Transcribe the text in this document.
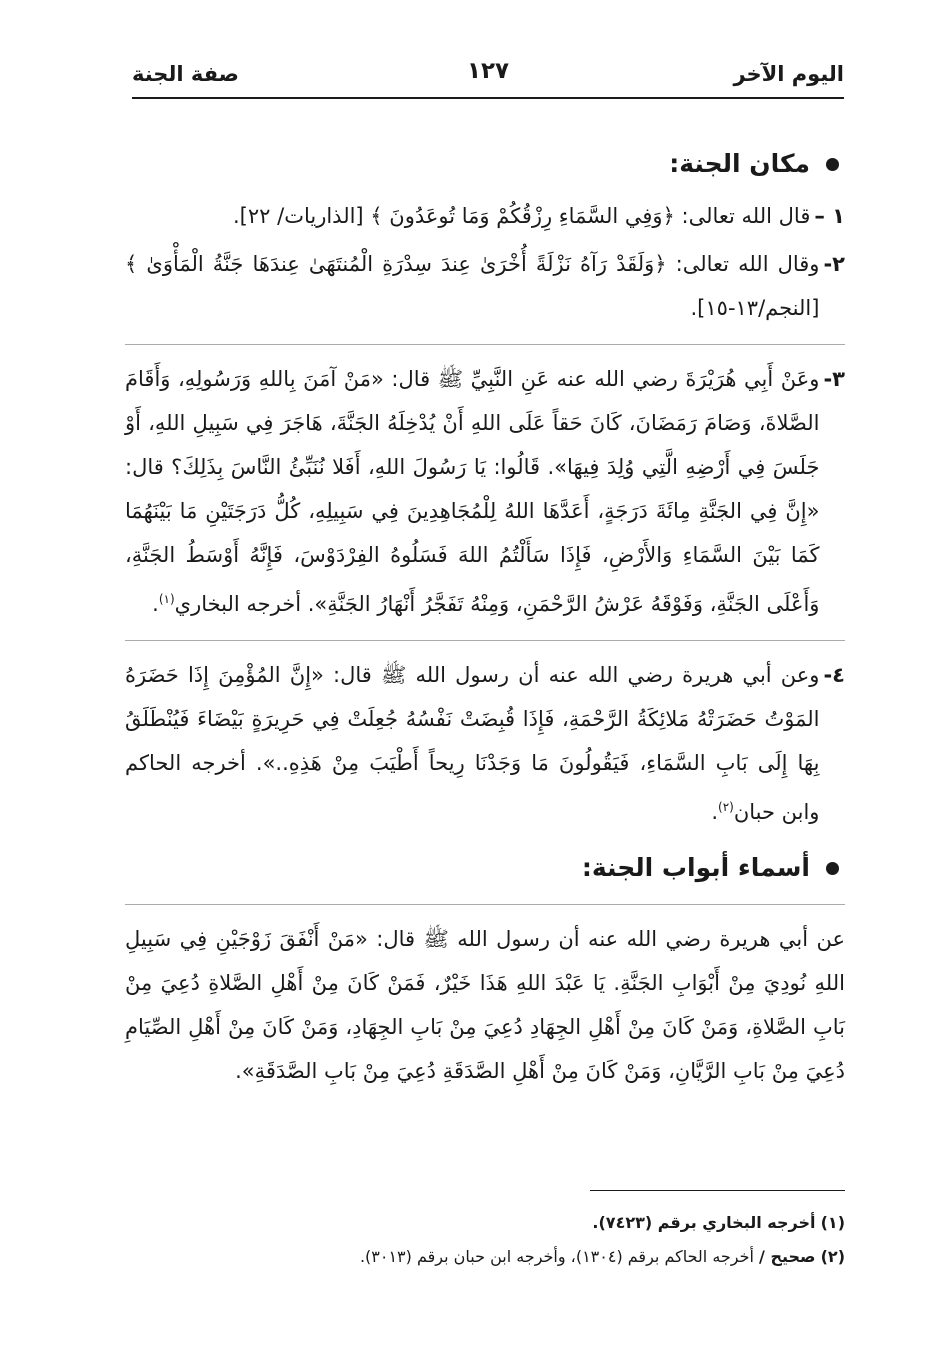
اليوم الآخر
١٢٧
صفة الجنة
مكان الجنة:
١ –
قال الله تعالى: ﴿وَفِي السَّمَاءِ رِزْقُكُمْ وَمَا تُوعَدُونَ ﴾ [الذاريات/ ٢٢].
٢-
وقال الله تعالى: ﴿وَلَقَدْ رَآهُ نَزْلَةً أُخْرَىٰ عِندَ سِدْرَةِ الْمُنتَهَىٰ عِندَهَا جَنَّةُ الْمَأْوَىٰ ﴾ [النجم/١٣-١٥].
٣-
وعَنْ أَبِي هُرَيْرَةَ رضي الله عنه عَنِ النَّبِيِّ ﷺ قال: «مَنْ آمَنَ بِاللهِ وَرَسُولِهِ، وَأَقَامَ الصَّلاةَ، وَصَامَ رَمَضَانَ، كَانَ حَقاً عَلَى اللهِ أَنْ يُدْخِلَهُ الجَنَّةَ، هَاجَرَ فِي سَبِيلِ اللهِ، أَوْ جَلَسَ فِي أَرْضِهِ الَّتِي وُلِدَ فِيهَا». قَالُوا: يَا رَسُولَ اللهِ، أَفَلا نُنَبِّئُ النَّاسَ بِذَلِكَ؟ قال: «إِنَّ فِي الجَنَّةِ مِائَةَ دَرَجَةٍ، أَعَدَّهَا اللهُ لِلْمُجَاهِدِينَ فِي سَبِيلِهِ، كُلُّ دَرَجَتَيْنِ مَا بَيْنَهُمَا كَمَا بَيْنَ السَّمَاءِ وَالأَرْضِ، فَإِذَا سَأَلْتُمُ اللهَ فَسَلُوهُ الفِرْدَوْسَ، فَإِنَّهُ أَوْسَطُ الجَنَّةِ، وَأَعْلَى الجَنَّةِ، وَفَوْقَهُ عَرْشُ الرَّحْمَنِ، وَمِنْهُ تَفَجَّرُ أَنْهَارُ الجَنَّةِ». أخرجه البخاري$^{(١)}$.
٤-
وعن أبي هريرة رضي الله عنه أن رسول الله ﷺ قال: «إِنَّ المُؤْمِنَ إِذَا حَضَرَهُ المَوْتُ حَضَرَتْهُ مَلائِكَةُ الرَّحْمَةِ، فَإِذَا قُبِضَتْ نَفْسُهُ جُعِلَتْ فِي حَرِيرَةٍ بَيْضَاءَ فَيُنْطَلَقُ بِهَا إِلَى بَابِ السَّمَاءِ، فَيَقُولُونَ مَا وَجَدْنَا رِيحاً أَطْيَبَ مِنْ هَذِهِ..». أخرجه الحاكم وابن حبان$^{(٢)}$.
أسماء أبواب الجنة:
عن أبي هريرة رضي الله عنه أن رسول الله ﷺ قال: «مَنْ أَنْفَقَ زَوْجَيْنِ فِي سَبِيلِ اللهِ نُودِيَ مِنْ أَبْوَابِ الجَنَّةِ. يَا عَبْدَ اللهِ هَذَا خَيْرٌ، فَمَنْ كَانَ مِنْ أَهْلِ الصَّلاةِ دُعِيَ مِنْ بَابِ الصَّلاةِ، وَمَنْ كَانَ مِنْ أَهْلِ الجِهَادِ دُعِيَ مِنْ بَابِ الجِهَادِ، وَمَنْ كَانَ مِنْ أَهْلِ الصِّيَامِ دُعِيَ مِنْ بَابِ الرَّيَّانِ، وَمَنْ كَانَ مِنْ أَهْلِ الصَّدَقَةِ دُعِيَ مِنْ بَابِ الصَّدَقَةِ».
(١) أخرجه البخاري برقم (٧٤٢٣).
(٢) صحيح / أخرجه الحاكم برقم (١٣٠٤)، وأخرجه ابن حبان برقم (٣٠١٣).
